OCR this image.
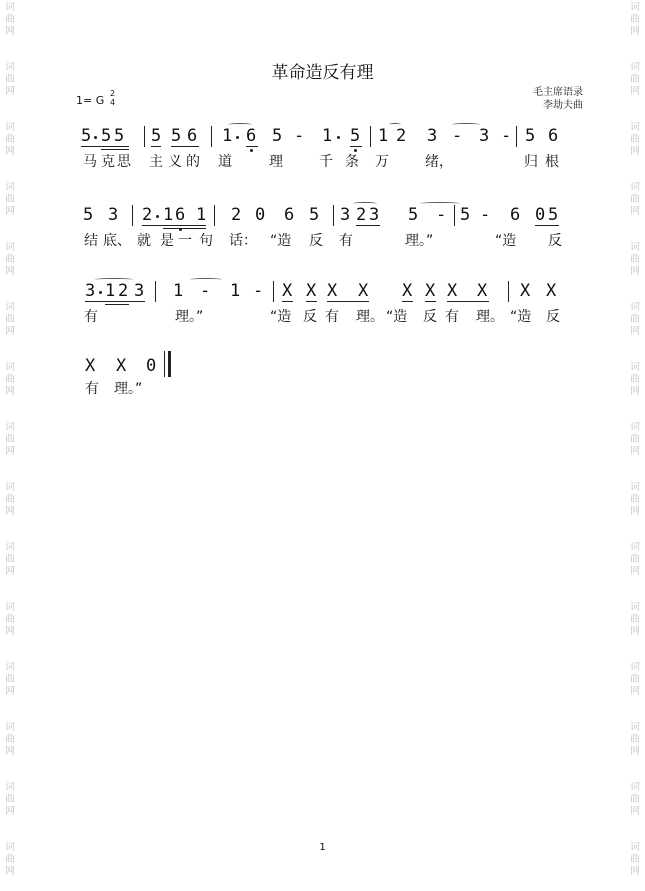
词
曲
网
词
曲
网
词
曲
网
词
曲
网
词
曲
网
词
曲
网
词
曲
网
词
曲
网
词
曲
网
词
曲
网
词
曲
网
词
曲
网
词
曲
网
词
曲
网
词
曲
网
词
曲
网
词
曲
网
词
曲
网
词
曲
网
词
曲
网
词
曲
网
词
曲
网
词
曲
网
词
曲
网
词
曲
网
词
曲
网
词
曲
网
词
曲
网
词
曲
网
词
曲
网
革命造反有理
1= G
2
4
毛主席语录
李劫夫曲
5 5 5 5 5 6 1 6 5 - 1 5 1 2 3 - 3 - 5 6
马 克 思 主 义 的 道	理	千 条 万	绪，	归 根
5 3 2 1 6 1 2 0 6 5 3 2 3 5 - 5 - 6 0 5
结 底、 就 是 一 句 话： “造 反 有	理。”	“造 反
3 1 2 3 1 - 1 - X X X X X X X X X X
有	理。”	“造 反 有 理。 “造 反 有 理。 “造 反
X X 0
有 理。”
1
